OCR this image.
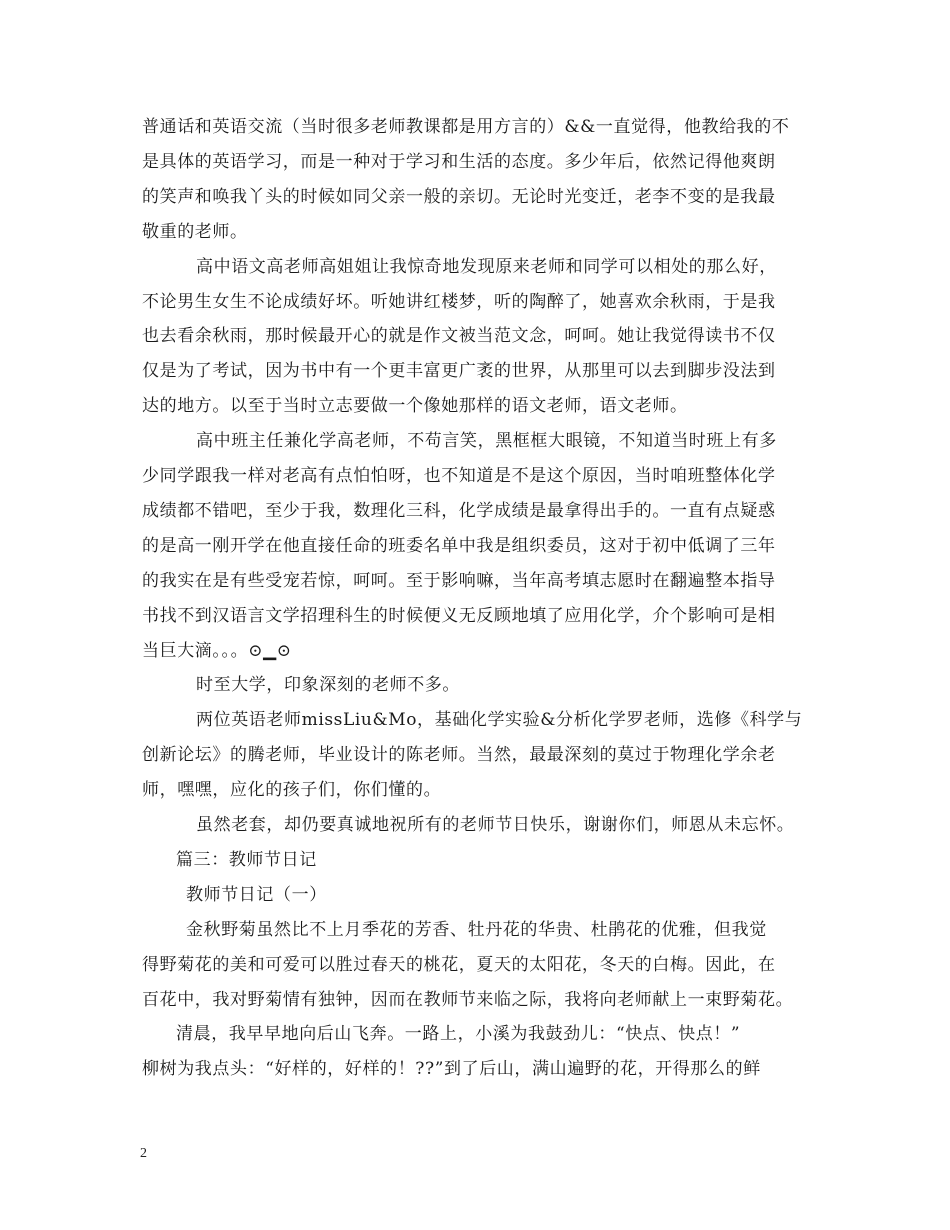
普通话和英语交流（当时很多老师教课都是用方言的）&&一直觉得，他教给我的不
是具体的英语学习，而是一种对于学习和生活的态度。多少年后，依然记得他爽朗
的笑声和唤我丫头的时候如同父亲一般的亲切。无论时光变迁，老李不变的是我最
敬重的老师。
高中语文高老师高姐姐让我惊奇地发现原来老师和同学可以相处的那么好，
不论男生女生不论成绩好坏。听她讲红楼梦，听的陶醉了，她喜欢余秋雨，于是我
也去看余秋雨，那时候最开心的就是作文被当范文念，呵呵。她让我觉得读书不仅
仅是为了考试，因为书中有一个更丰富更广袤的世界，从那里可以去到脚步没法到
达的地方。以至于当时立志要做一个像她那样的语文老师，语文老师。
高中班主任兼化学高老师，不苟言笑，黑框框大眼镜，不知道当时班上有多
少同学跟我一样对老高有点怕怕呀，也不知道是不是这个原因，当时咱班整体化学
成绩都不错吧，至少于我，数理化三科，化学成绩是最拿得出手的。一直有点疑惑
的是高一刚开学在他直接任命的班委名单中我是组织委员，这对于初中低调了三年
的我实在是有些受宠若惊，呵呵。至于影响嘛，当年高考填志愿时在翻遍整本指导
书找不到汉语言文学招理科生的时候便义无反顾地填了应用化学，介个影响可是相
当巨大滴。。。⊙▁⊙
时至大学，印象深刻的老师不多。
两位英语老师missLiu&Mo，基础化学实验&分析化学罗老师，选修《科学与
创新论坛》的腾老师，毕业设计的陈老师。当然，最最深刻的莫过于物理化学余老
师，嘿嘿，应化的孩子们，你们懂的。
虽然老套，却仍要真诚地祝所有的老师节日快乐，谢谢你们，师恩从未忘怀。
篇三：教师节日记
教师节日记（一）
金秋野菊虽然比不上月季花的芳香、牡丹花的华贵、杜鹃花的优雅，但我觉
得野菊花的美和可爱可以胜过春天的桃花，夏天的太阳花，冬天的白梅。因此，在
百花中，我对野菊情有独钟，因而在教师节来临之际，我将向老师献上一束野菊花。
清晨，我早早地向后山飞奔。一路上，小溪为我鼓劲儿：“快点、快点！”
柳树为我点头：“好样的，好样的！??”到了后山，满山遍野的花，开得那么的鲜
2
